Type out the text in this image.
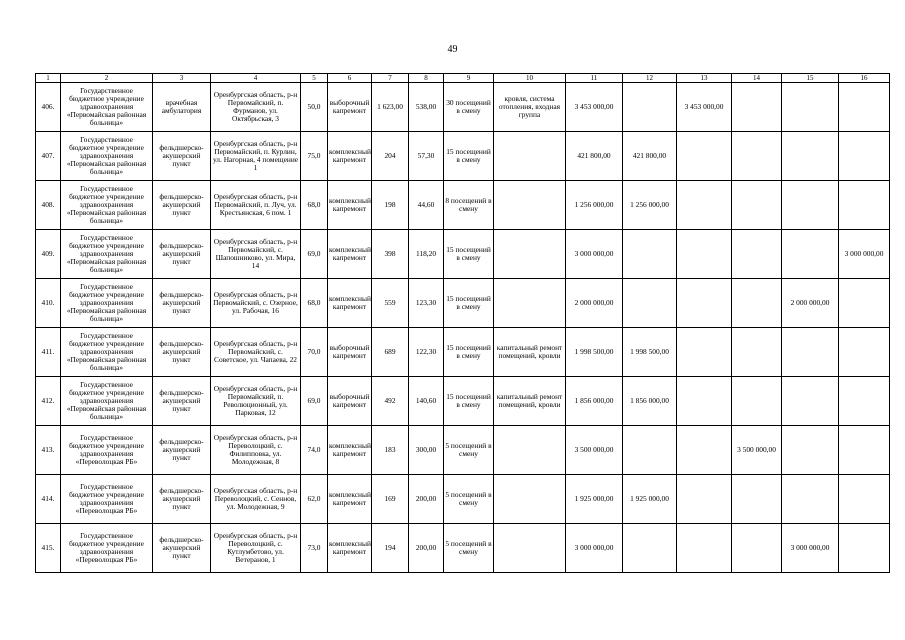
49
1	2	3	4	5	6	7	8	9	10	11	12	13	14	15	16
406.	Государственное бюджетное учреждение здравоохранения «Первомайская районная больница»	врачебная амбулатория	Оренбургская область, р-н Первомайский, п. Фурманов, ул. Октябрьская, 3	50,0	выборочный капремонт	1 623,00	538,00	30 посещений в смену	кровля, система отопления, входная группа	3 453 000,00		3 453 000,00			
407.	Государственное бюджетное учреждение здравоохранения «Первомайская районная больница»	фельдшерско-акушерский пункт	Оренбургская область, р-н Первомайский, п. Курлин, ул. Нагорная, 4 помещение 1	75,0	комплексный капремонт	204	57,30	15 посещений в смену		421 800,00	421 800,00				
408.	Государственное бюджетное учреждение здравоохранения «Первомайская районная больница»	фельдшерско-акушерский пункт	Оренбургская область, р-н Первомайский, п. Луч, ул. Крестьянская, 6 пом. 1	68,0	комплексный капремонт	198	44,60	8 посещений в смену		1 256 000,00	1 256 000,00				
409.	Государственное бюджетное учреждение здравоохранения «Первомайская районная больница»	фельдшерско-акушерский пункт	Оренбургская область, р-н Первомайский, с. Шапошниково, ул. Мира, 14	69,0	комплексный капремонт	398	118,20	15 посещений в смену		3 000 000,00					3 000 000,00
410.	Государственное бюджетное учреждение здравоохранения «Первомайская районная больница»	фельдшерско-акушерский пункт	Оренбургская область, р-н Первомайский, с. Озерное, ул. Рабочая, 16	68,0	комплексный капремонт	559	123,30	15 посещений в смену		2 000 000,00				2 000 000,00	
411.	Государственное бюджетное учреждение здравоохранения «Первомайская районная больница»	фельдшерско-акушерский пункт	Оренбургская область, р-н Первомайский, с. Советское, ул. Чапаева, 22	70,0	выборочный капремонт	689	122,30	15 посещений в смену	капитальный ремонт помещений, кровли	1 998 500,00	1 998 500,00				
412.	Государственное бюджетное учреждение здравоохранения «Первомайская районная больница»	фельдшерско-акушерский пункт	Оренбургская область, р-н Первомайский, п. Революционный, ул. Парковая, 12	69,0	выборочный капремонт	492	140,60	15 посещений в смену	капитальный ремонт помещений, кровли	1 856 000,00	1 856 000,00				
413.	Государственное бюджетное учреждение здравоохранения «Переволоцкая РБ»	фельдшерско-акушерский пункт	Оренбургская область, р-н Переволоцкий, с. Филипповка, ул. Молодежная, 8	74,0	комплексный капремонт	183	300,00	5 посещений в смену		3 500 000,00			3 500 000,00		
414.	Государственное бюджетное учреждение здравоохранения «Переволоцкая РБ»	фельдшерско-акушерский пункт	Оренбургская область, р-н Переволоцкий, с. Сеннов, ул. Молодежная, 9	62,0	комплексный капремонт	169	200,00	5 посещений в смену		1 925 000,00	1 925 000,00				
415.	Государственное бюджетное учреждение здравоохранения «Переволоцкая РБ»	фельдшерско-акушерский пункт	Оренбургская область, р-н Переволоцкий, с. Кутлумбетово, ул. Ветеранов, 1	73,0	комплексный капремонт	194	200,00	5 посещений в смену		3 000 000,00				3 000 000,00	
